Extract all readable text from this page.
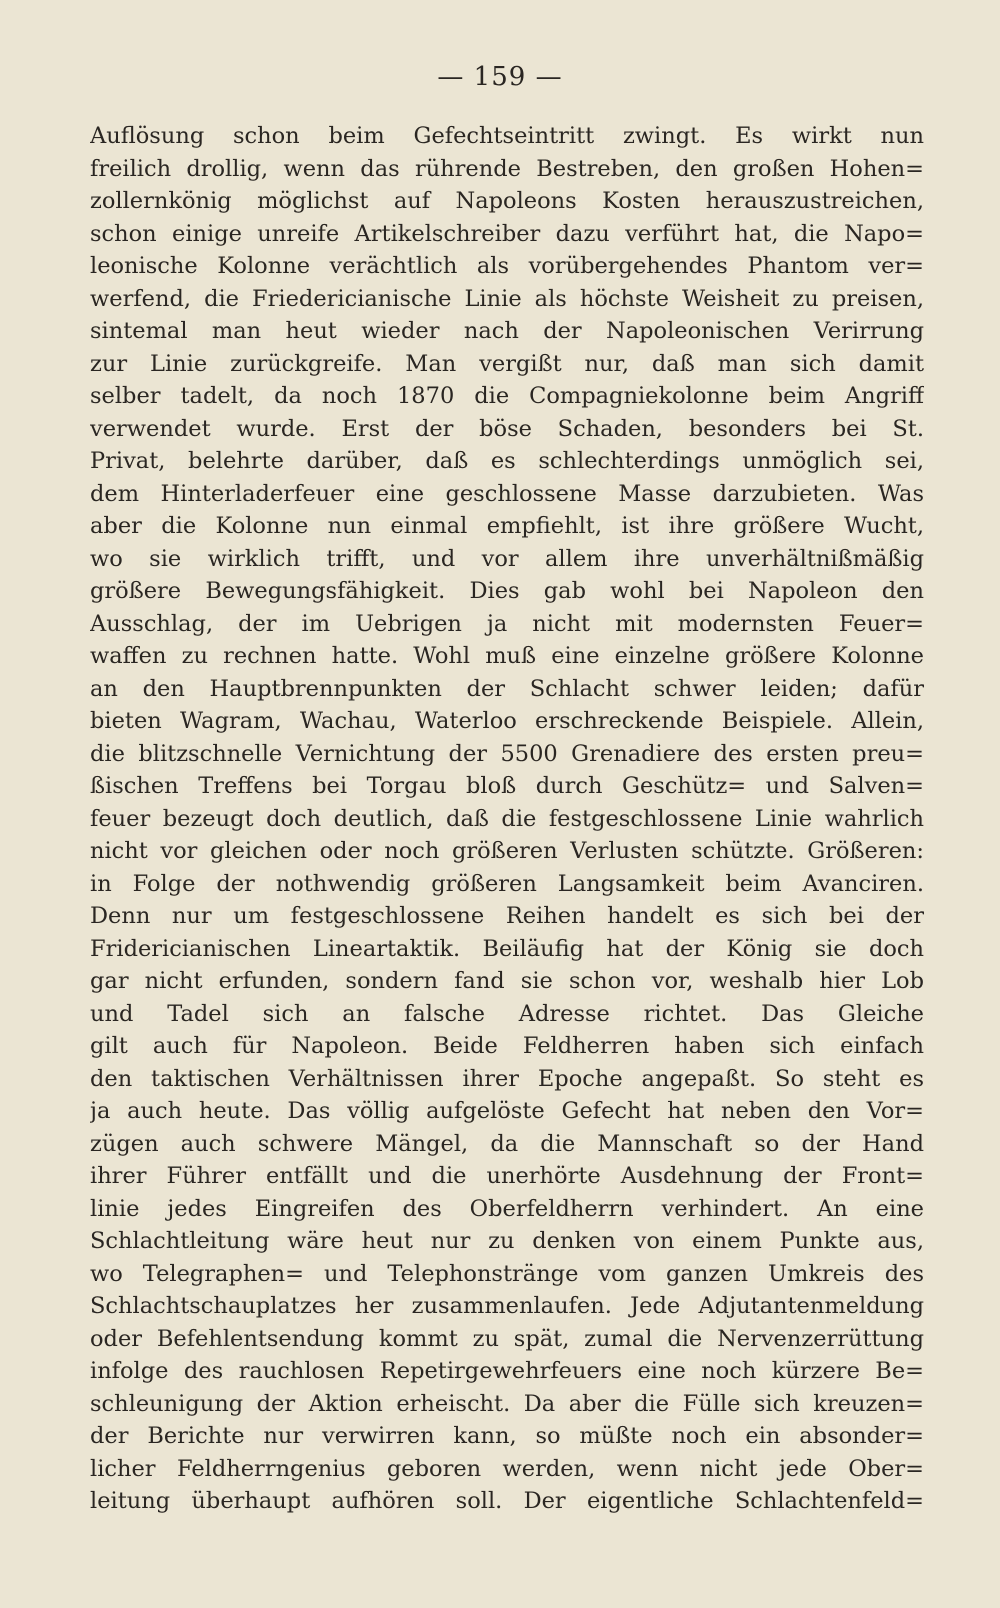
— 159 —
Auflösung schon beim Gefechtseintritt zwingt. Es wirkt nun
freilich drollig, wenn das rührende Bestreben, den großen Hohen=
zollernkönig möglichst auf Napoleons Kosten herauszustreichen,
schon einige unreife Artikelschreiber dazu verführt hat, die Napo=
leonische Kolonne verächtlich als vorübergehendes Phantom ver=
werfend, die Friedericianische Linie als höchste Weisheit zu preisen,
sintemal man heut wieder nach der Napoleonischen Verirrung
zur Linie zurückgreife. Man vergißt nur, daß man sich damit
selber tadelt, da noch 1870 die Compagniekolonne beim Angriff
verwendet wurde. Erst der böse Schaden, besonders bei St.
Privat, belehrte darüber, daß es schlechterdings unmöglich sei,
dem Hinterladerfeuer eine geschlossene Masse darzubieten. Was
aber die Kolonne nun einmal empfiehlt, ist ihre größere Wucht,
wo sie wirklich trifft, und vor allem ihre unverhältnißmäßig
größere Bewegungsfähigkeit. Dies gab wohl bei Napoleon den
Ausschlag, der im Uebrigen ja nicht mit modernsten Feuer=
waffen zu rechnen hatte. Wohl muß eine einzelne größere Kolonne
an den Hauptbrennpunkten der Schlacht schwer leiden; dafür
bieten Wagram, Wachau, Waterloo erschreckende Beispiele. Allein,
die blitzschnelle Vernichtung der 5500 Grenadiere des ersten preu=
ßischen Treffens bei Torgau bloß durch Geschütz= und Salven=
feuer bezeugt doch deutlich, daß die festgeschlossene Linie wahrlich
nicht vor gleichen oder noch größeren Verlusten schützte. Größeren:
in Folge der nothwendig größeren Langsamkeit beim Avanciren.
Denn nur um festgeschlossene Reihen handelt es sich bei der
Fridericianischen Lineartaktik. Beiläufig hat der König sie doch
gar nicht erfunden, sondern fand sie schon vor, weshalb hier Lob
und Tadel sich an falsche Adresse richtet. Das Gleiche
gilt auch für Napoleon. Beide Feldherren haben sich einfach
den taktischen Verhältnissen ihrer Epoche angepaßt. So steht es
ja auch heute. Das völlig aufgelöste Gefecht hat neben den Vor=
zügen auch schwere Mängel, da die Mannschaft so der Hand
ihrer Führer entfällt und die unerhörte Ausdehnung der Front=
linie jedes Eingreifen des Oberfeldherrn verhindert. An eine
Schlachtleitung wäre heut nur zu denken von einem Punkte aus,
wo Telegraphen= und Telephonstränge vom ganzen Umkreis des
Schlachtschauplatzes her zusammenlaufen. Jede Adjutantenmeldung
oder Befehlentsendung kommt zu spät, zumal die Nervenzerrüttung
infolge des rauchlosen Repetirgewehrfeuers eine noch kürzere Be=
schleunigung der Aktion erheischt. Da aber die Fülle sich kreuzen=
der Berichte nur verwirren kann, so müßte noch ein absonder=
licher Feldherrngenius geboren werden, wenn nicht jede Ober=
leitung überhaupt aufhören soll. Der eigentliche Schlachtenfeld=
